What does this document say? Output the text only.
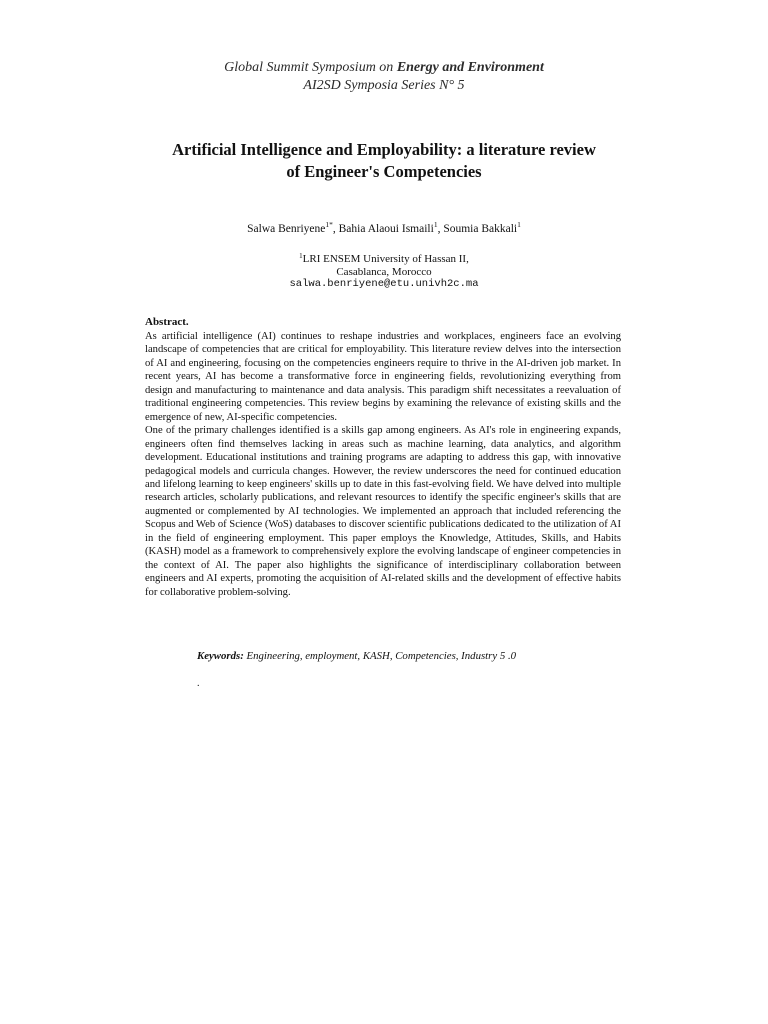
Global Summit Symposium on Energy and Environment
AI2SD Symposia Series N° 5
Artificial Intelligence and Employability: a literature review
of Engineer's Competencies
Salwa Benriyene$^{1*}$, Bahia Alaoui Ismaili$^1$, Soumia Bakkali$^1$
$^1$LRI ENSEM University of Hassan II,
Casablanca, Morocco
salwa.benriyene@etu.univh2c.ma
Abstract.

As artificial intelligence (AI) continues to reshape industries and workplaces, engineers face an evolving landscape of competencies that are critical for employability. This literature review delves into the intersection of AI and engineering, focusing on the competencies engineers require to thrive in the AI-driven job market. In recent years, AI has become a transformative force in engineering fields, revolutionizing everything from design and manufacturing to maintenance and data analysis. This paradigm shift necessitates a reevaluation of traditional engineering competencies. This review begins by examining the relevance of existing skills and the emergence of new, AI-specific competencies.

One of the primary challenges identified is a skills gap among engineers. As AI's role in engineering expands, engineers often find themselves lacking in areas such as machine learning, data analytics, and algorithm development. Educational institutions and training programs are adapting to address this gap, with innovative pedagogical models and curricula changes. However, the review underscores the need for continued education and lifelong learning to keep engineers' skills up to date in this fast-evolving field. We have delved into multiple research articles, scholarly publications, and relevant resources to identify the specific engineer's skills that are augmented or complemented by AI technologies. We implemented an approach that included referencing the Scopus and Web of Science (WoS) databases to discover scientific publications dedicated to the utilization of AI in the field of engineering employment. This paper employs the Knowledge, Attitudes, Skills, and Habits (KASH) model as a framework to comprehensively explore the evolving landscape of engineer competencies in the context of AI. The paper also highlights the significance of interdisciplinary collaboration between engineers and AI experts, promoting the acquisition of AI-related skills and the development of effective habits for collaborative problem-solving.

Keywords: Engineering, employment, KASH, Competencies, Industry 5 .0
.
